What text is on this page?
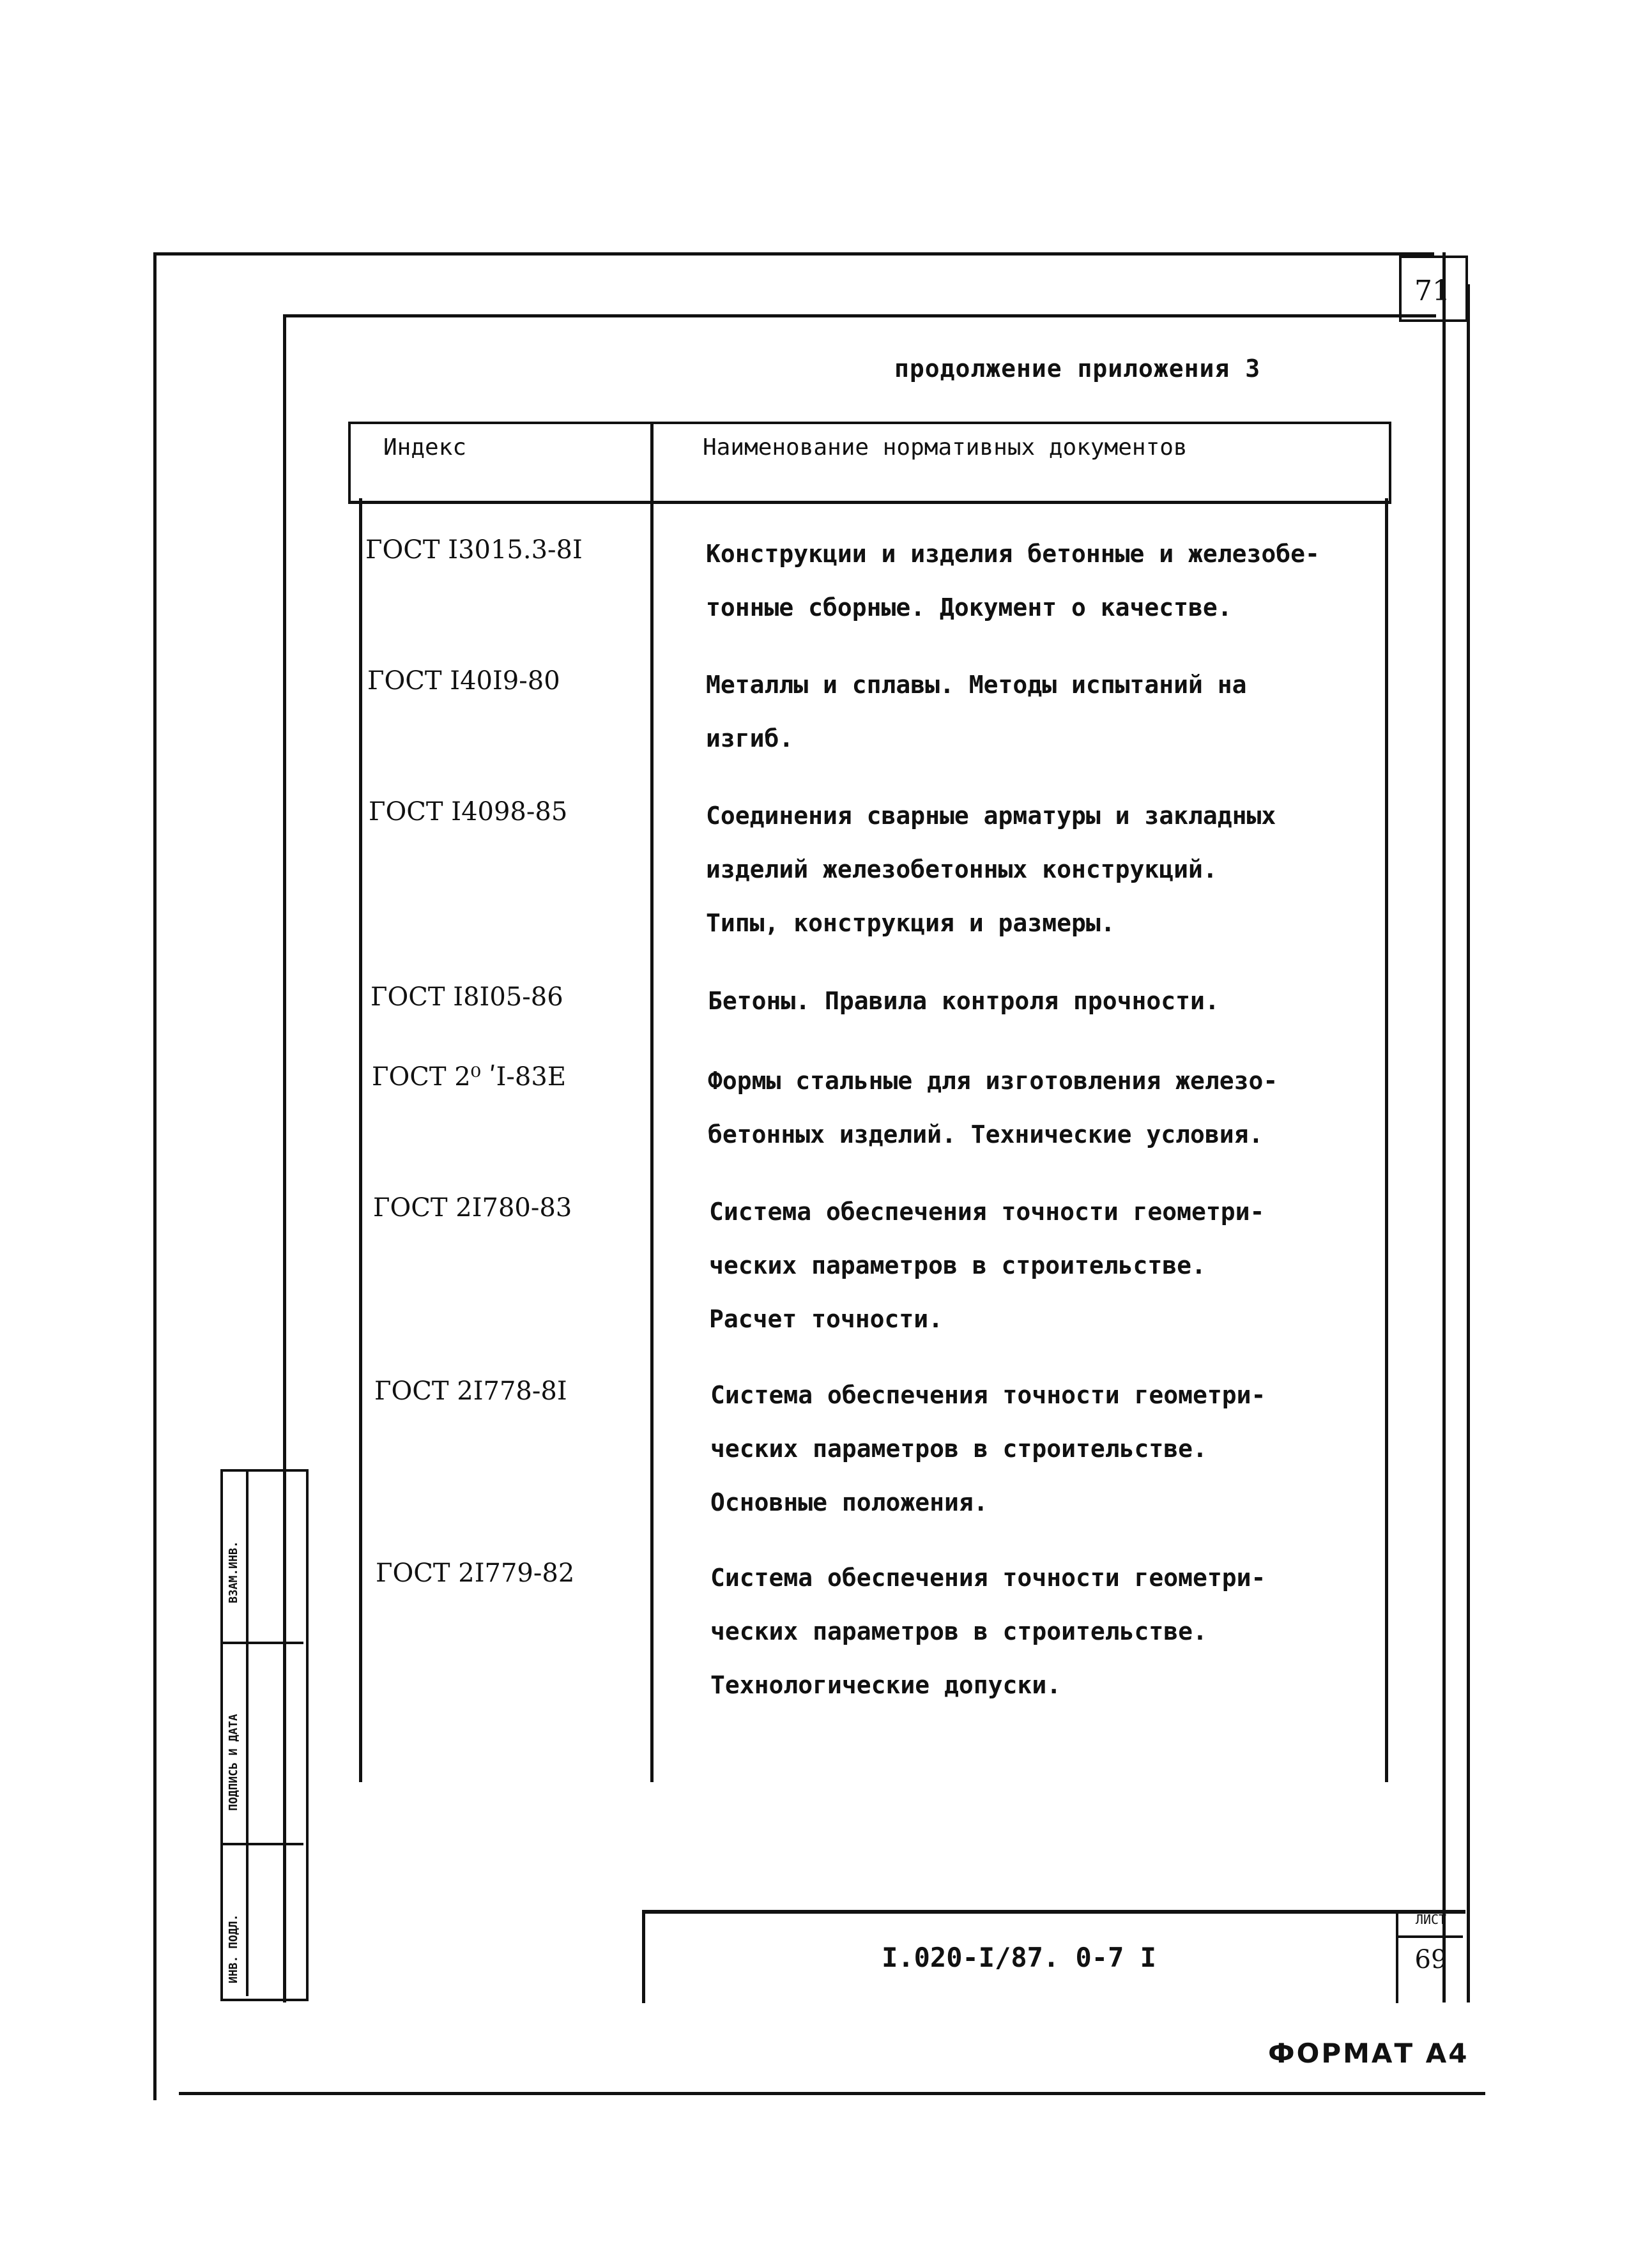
71
продолжение приложения 3
Индекс	Наименование нормативных документов
ГОСТ I3015.3-8I	Конструкции и изделия бетонные и железобе-
тонные сборные. Документ о качестве.
ГОСТ I40I9-80	Металлы и сплавы. Методы испытаний на
изгиб.
ГОСТ I4098-85	Соединения сварные арматуры и закладных
изделий железобетонных конструкций.
Типы, конструкция и размеры.
ГОСТ I8I05-86	Бетоны. Правила контроля прочности.
ГОСТ 2⁰ ʹI-83E	Формы стальные для изготовления железо-
бетонных изделий. Технические условия.
ГОСТ 2I780-83	Система обеспечения точности геометри-
ческих параметров в строительстве.
Расчет точности.
ГОСТ 2I778-8I	Система обеспечения точности геометри-
ческих параметров в строительстве.
Основные положения.
ГОСТ 2I779-82	Система обеспечения точности геометри-
ческих параметров в строительстве.
Технологические допуски.
ВЗАМ.ИНВ.
ПОДПИСЬ И ДАТА
ИНВ. ПОДЛ.	I.020-I/87. 0-7 I
ЛИСТ
69
ФОРМАТ А4
